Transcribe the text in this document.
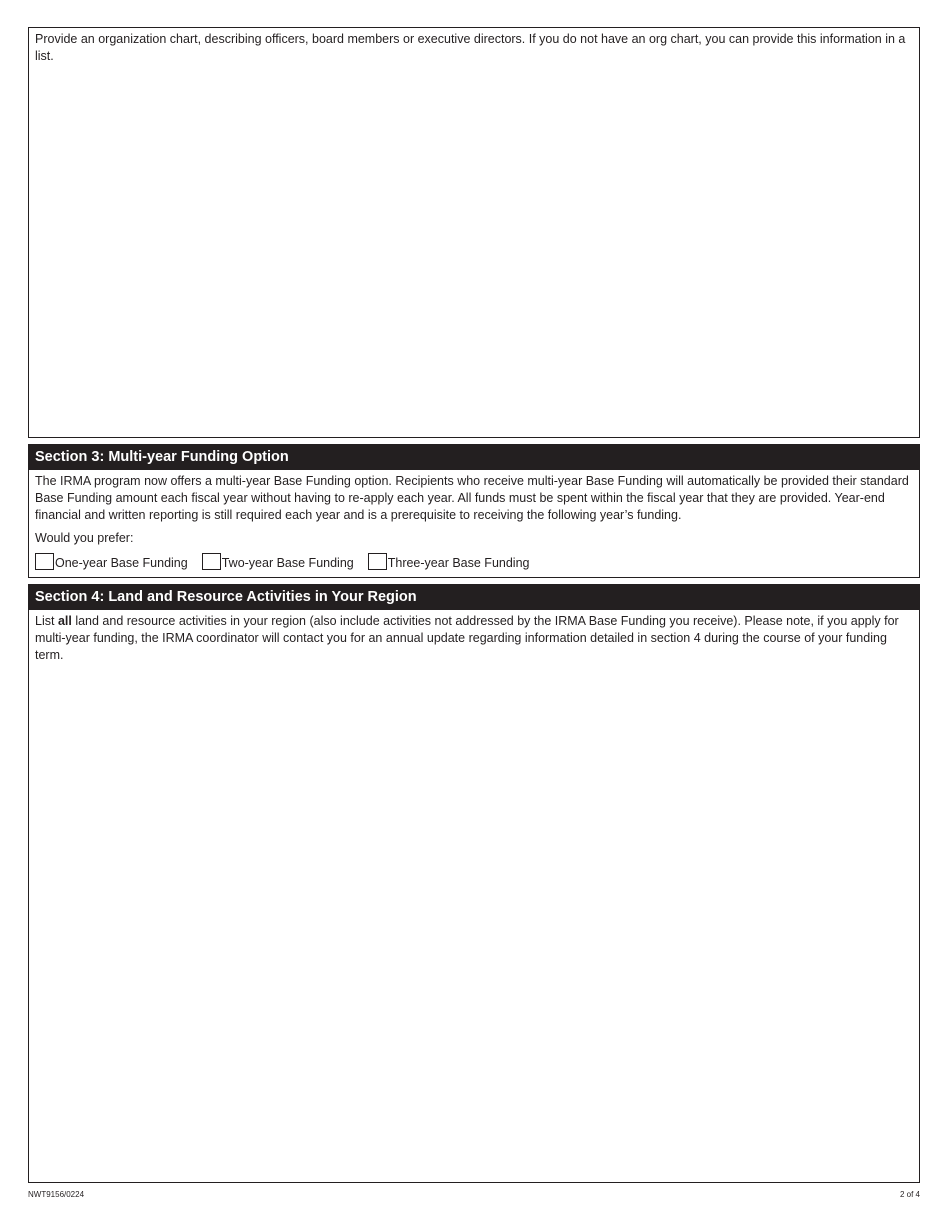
Provide an organization chart, describing officers, board members or executive directors. If you do not have an org chart, you can provide this information in a list.
Section 3: Multi-year Funding Option
The IRMA program now offers a multi-year Base Funding option. Recipients who receive multi-year Base Funding will automatically be provided their standard Base Funding amount each fiscal year without having to re-apply each year. All funds must be spent within the fiscal year that they are provided. Year-end financial and written reporting is still required each year and is a prerequisite to receiving the following year’s funding.
Would you prefer:
One-year Base Funding	Two-year Base Funding	Three-year Base Funding
Section 4: Land and Resource Activities in Your Region
List all land and resource activities in your region (also include activities not addressed by the IRMA Base Funding you receive). Please note, if you apply for multi-year funding, the IRMA coordinator will contact you for an annual update regarding information detailed in section 4 during the course of your funding term.
NWT9156/0224	2 of 4
